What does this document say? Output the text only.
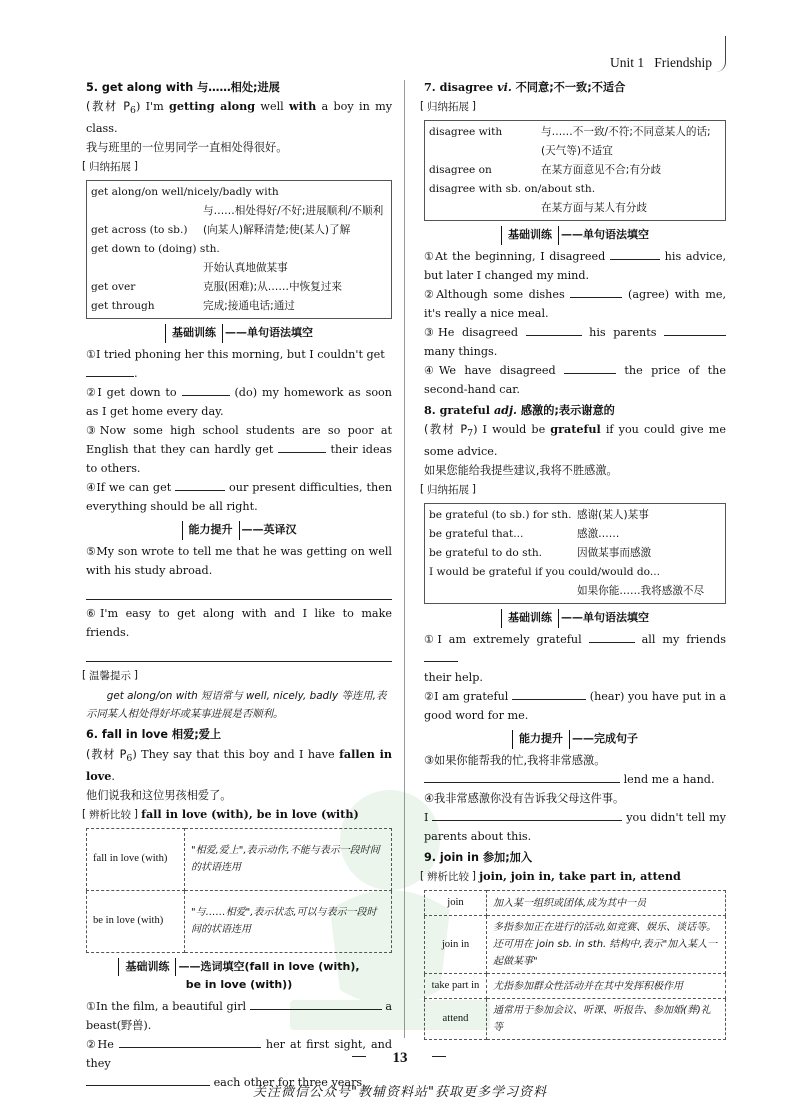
Unit 1 Friendship
5. get along with 与……相处;进展
(教材 $P_6$) I'm getting along well with a boy in my class.
我与班里的一位男同学一直相处得很好。
[ 归纳拓展 ]
get along/on well/nicely/badly with
与……相处得好/不好;进展顺利/不顺利
get across (to sb.)	(向某人)解释清楚;使(某人)了解
get down to (doing) sth.
开始认真地做某事
get over	克服(困难);从……中恢复过来
get through	完成;接通电话;通过
基础训练 ——单句语法填空
①I tried phoning her this morning, but I couldn't get
.
②I get down to	(do) my homework as soon as I get home every day.
③Now some high school students are so poor at English that they can hardly get	their ideas to others.
④If we can get	our present difficulties, then everything should be all right.
能力提升 ——英译汉
⑤My son wrote to tell me that he was getting on well with his study abroad.
⑥I'm easy to get along with and I like to make friends.
[ 温馨提示 ]
get along/on with 短语常与 well, nicely, badly 等连用,表示同某人相处得好坏或某事进展是否顺利。
6. fall in love 相爱;爱上
(教材 $P_6$) They say that this boy and I have fallen in love.
他们说我和这位男孩相爱了。
[ 辨析比较 ] fall in love (with), be in love (with)
fall in love (with)	"相爱,爱上",表示动作,不能与表示一段时间的状语连用
be in love (with)	"与……相爱",表示状态,可以与表示一段时间的状语连用
基础训练 ——选词填空(fall in love (with),
be in love (with))
①In the film, a beautiful girl	a beast(野兽).
②He	her at first sight, and they
each other for three years.
7. disagree vi. 不同意;不一致;不适合
[ 归纳拓展 ]
disagree with	与……不一致/不符;不同意某人的话;(天气等)不适宜
disagree on	在某方面意见不合;有分歧
disagree with sb. on/about sth.
在某方面与某人有分歧
基础训练 ——单句语法填空
①At the beginning, I disagreed	his advice, but later I changed my mind.
②Although some dishes	(agree) with me, it's really a nice meal.
③He disagreed	his parents  many things.
④We have disagreed	the price of the second-hand car.
8. grateful adj. 感激的;表示谢意的
(教材 $P_7$) I would be grateful if you could give me some advice.
如果您能给我提些建议,我将不胜感激。
[ 归纳拓展 ]
be grateful (to sb.) for sth. 感谢(某人)某事
be grateful that...	感激……
be grateful to do sth.	因做某事而感激
I would be grateful if you could/would do...
如果你能……我将感激不尽
基础训练 ——单句语法填空
①I am extremely grateful	all my friends
their help.
②I am grateful	(hear) you have put in a good word for me.
能力提升 ——完成句子
③如果你能帮我的忙,我将非常感激。
lend me a hand.
④我非常感激你没有告诉我父母这件事。
I	you didn't tell my parents about this.
9. join in 参加;加入
[ 辨析比较 ] join, join in, take part in, attend
join	加入某一组织或团体,成为其中一员
join in	多指参加正在进行的活动,如竞赛、娱乐、谈话等。还可用在 join sb. in sth. 结构中,表示"加入某人一起做某事"
take part in	尤指参加群众性活动并在其中发挥积极作用
attend	通常用于参加会议、听课、听报告、参加婚(葬)礼等
13
关注微信公众号"教辅资料站"获取更多学习资料
